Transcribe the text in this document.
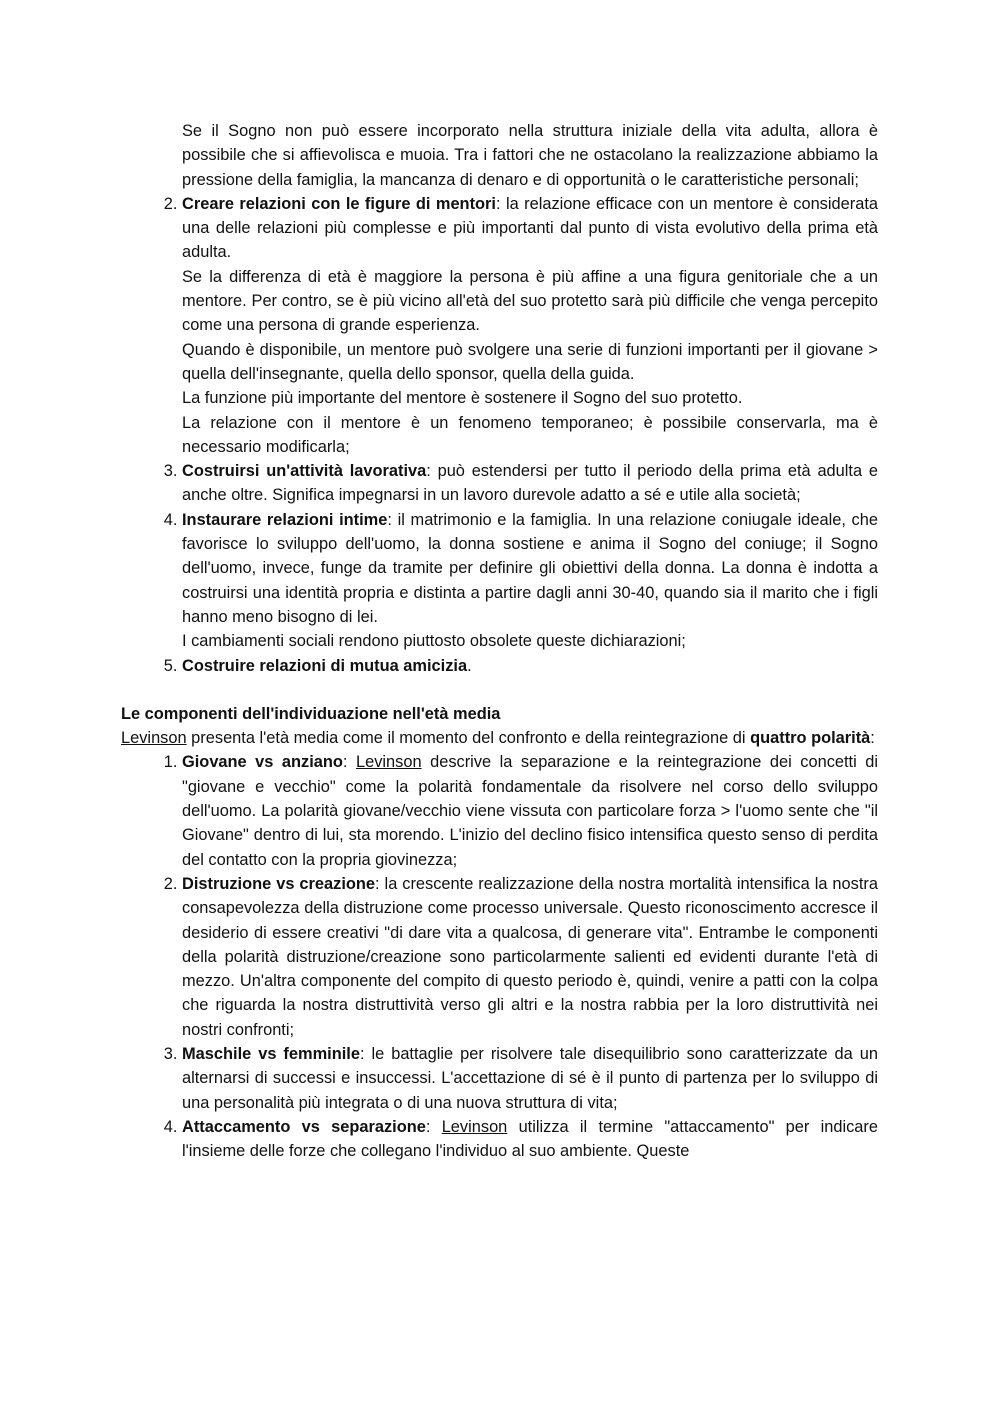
Se il Sogno non può essere incorporato nella struttura iniziale della vita adulta, allora è possibile che si affievolisca e muoia. Tra i fattori che ne ostacolano la realizzazione abbiamo la pressione della famiglia, la mancanza di denaro e di opportunità o le caratteristiche personali;

2. Creare relazioni con le figure di mentori: la relazione efficace con un mentore è considerata una delle relazioni più complesse e più importanti dal punto di vista evolutivo della prima età adulta.
Se la differenza di età è maggiore la persona è più affine a una figura genitoriale che a un mentore. Per contro, se è più vicino all'età del suo protetto sarà più difficile che venga percepito come una persona di grande esperienza.
Quando è disponibile, un mentore può svolgere una serie di funzioni importanti per il giovane > quella dell'insegnante, quella dello sponsor, quella della guida.
La funzione più importante del mentore è sostenere il Sogno del suo protetto.
La relazione con il mentore è un fenomeno temporaneo; è possibile conservarla, ma è necessario modificarla;
3. Costruirsi un'attività lavorativa: può estendersi per tutto il periodo della prima età adulta e anche oltre. Significa impegnarsi in un lavoro durevole adatto a sé e utile alla società;
4. Instaurare relazioni intime: il matrimonio e la famiglia. In una relazione coniugale ideale, che favorisce lo sviluppo dell'uomo, la donna sostiene e anima il Sogno del coniuge; il Sogno dell'uomo, invece, funge da tramite per definire gli obiettivi della donna. La donna è indotta a costruirsi una identità propria e distinta a partire dagli anni 30-40, quando sia il marito che i figli hanno meno bisogno di lei.
I cambiamenti sociali rendono piuttosto obsolete queste dichiarazioni;
5. Costruire relazioni di mutua amicizia.

Le componenti dell'individuazione nell'età media

Levinson presenta l'età media come il momento del confronto e della reintegrazione di quattro polarità:

1. Giovane vs anziano: Levinson descrive la separazione e la reintegrazione dei concetti di "giovane e vecchio" come la polarità fondamentale da risolvere nel corso dello sviluppo dell'uomo. La polarità giovane/vecchio viene vissuta con particolare forza > l'uomo sente che "il Giovane" dentro di lui, sta morendo. L'inizio del declino fisico intensifica questo senso di perdita del contatto con la propria giovinezza;
2. Distruzione vs creazione: la crescente realizzazione della nostra mortalità intensifica la nostra consapevolezza della distruzione come processo universale. Questo riconoscimento accresce il desiderio di essere creativi "di dare vita a qualcosa, di generare vita". Entrambe le componenti della polarità distruzione/creazione sono particolarmente salienti ed evidenti durante l'età di mezzo. Un'altra componente del compito di questo periodo è, quindi, venire a patti con la colpa che riguarda la nostra distruttività verso gli altri e la nostra rabbia per la loro distruttività nei nostri confronti;
3. Maschile vs femminile: le battaglie per risolvere tale disequilibrio sono caratterizzate da un alternarsi di successi e insuccessi. L'accettazione di sé è il punto di partenza per lo sviluppo di una personalità più integrata o di una nuova struttura di vita;
4. Attaccamento vs separazione: Levinson utilizza il termine "attaccamento" per indicare l'insieme delle forze che collegano l'individuo al suo ambiente. Queste
